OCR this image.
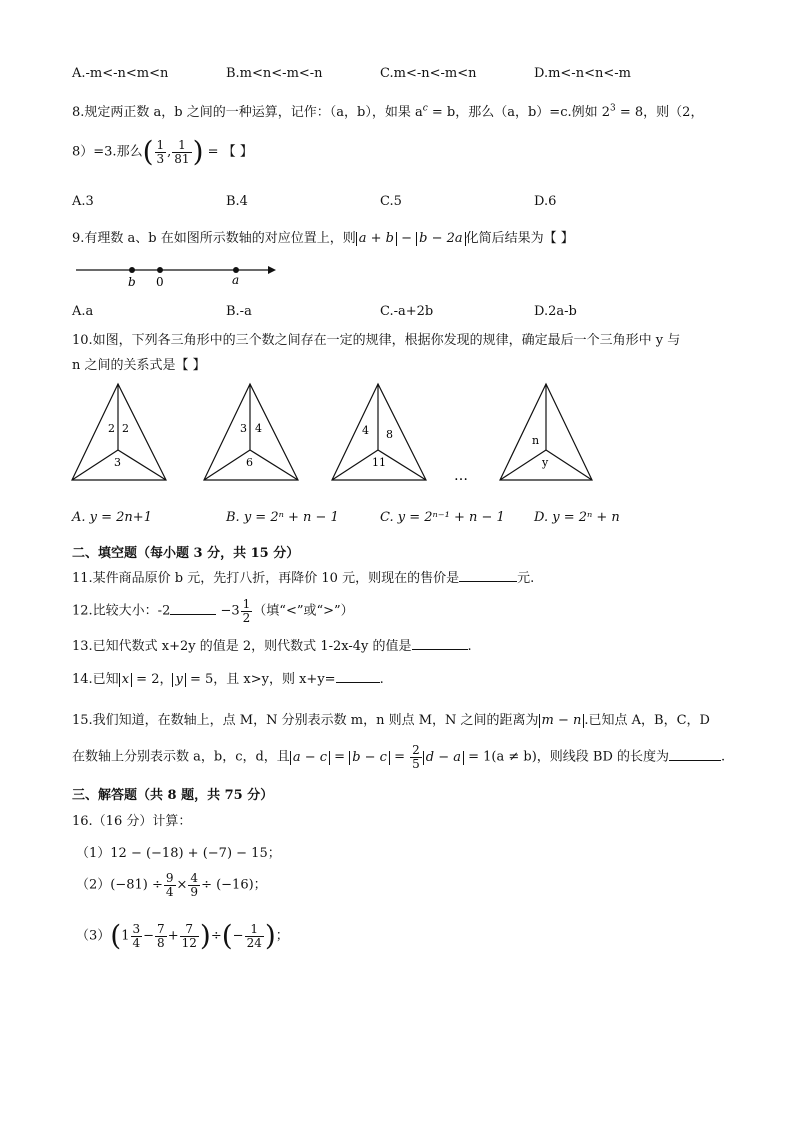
A.-m<-n<m<n	B.m<n<-m<-n	C.m<-n<-m<n	D.m<-n<n<-m
8.规定两正数 a，b 之间的一种运算，记作：（a，b），如果 $a^c = b$，那么（a，b）=c.例如 $2^3 = 8$，则（2，
8）=3.那么( $\frac{1}{3}$ , $\frac{1}{81}$ ) = 【 】
A.3	B.4	C.5	D.6
9.有理数 a、b 在如图所示数轴的对应位置上，则 a + b − b − 2a 化简后结果为【 】
b 0	a
A.a	B.-a	C.-a+2b	D.2a-b
10.如图，下列各三角形中的三个数之间存在一定的规律，根据你发现的规律，确定最后一个三角形中 y 与
n 之间的关系式是【 】
2 2
3
3 4
6
4 8
11
…
n
y
A. y = 2n+1	B. y = 2ⁿ + n − 1	C. y = 2ⁿ⁻¹ + n − 1 D. y = 2ⁿ + n
二、填空题（每小题 3 分，共 15 分）
11.某件商品原价 b 元，先打八折，再降价 10 元，则现在的售价是	元.
12.比较大小：-2	$-3 \frac{1}{2}$ （填“<”或“>”）
13.已知代数式 x+2y 的值是 2，则代数式 1-2x-4y 的值是	.
14.已知 x = 2， y = 5，且 x>y，则 x+y=	.
15.我们知道，在数轴上，点 M，N 分别表示数 m，n 则点 M，N 之间的距离为 m − n .已知点 A，B，C，D
在数轴上分别表示数 a，b，c，d，且 $a - c = b - c = \frac{2}{5}$ d − a = 1(a ≠ b)，则线段 BD 的长度为	.
三、解答题（共 8 题，共 75 分）
16.（16 分）计算：
（1）12 − (−18) + (−7) − 15；
$(2)(-81) \div \frac{9}{4} \times \frac{4}{9} \div (-16)$；
$(3)(1 \frac{3}{4} - \frac{7}{8} + \frac{7}{12}$ )÷(− $\frac{1}{24}$ )；
